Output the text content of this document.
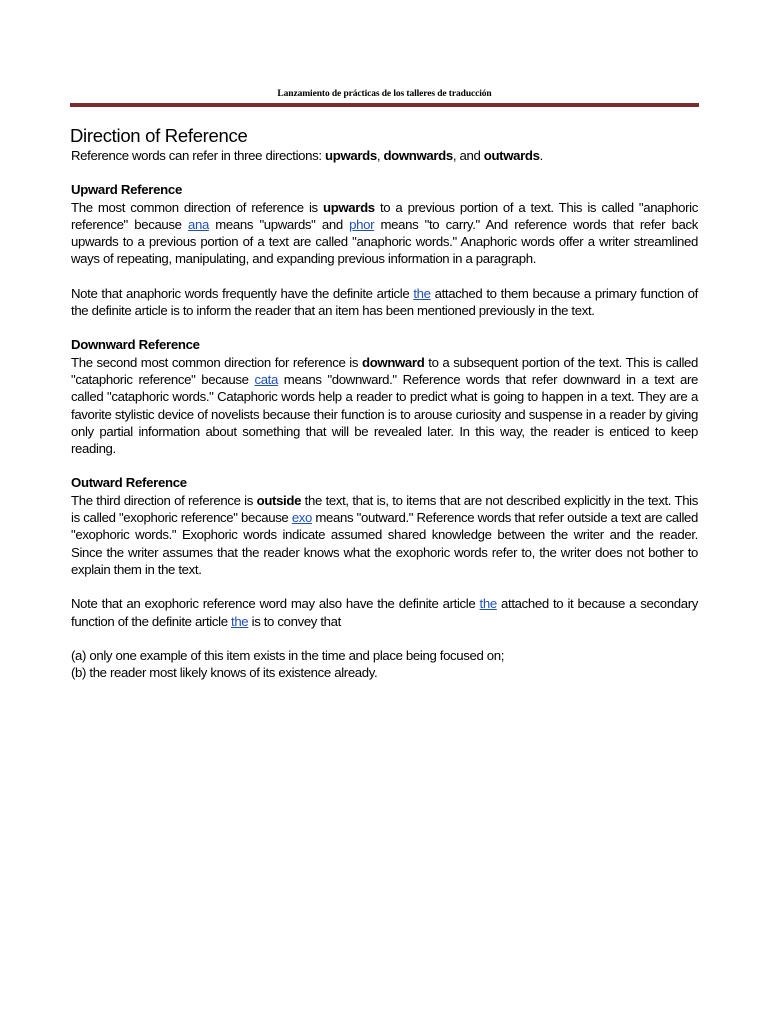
Lanzamiento de prácticas de los talleres de traducción
Direction of Reference

Reference words can refer in three directions: upwards, downwards, and outwards.

Upward Reference

The most common direction of reference is upwards to a previous portion of a text. This is called "anaphoric reference" because ana means "upwards" and phor means "to carry." And reference words that refer back upwards to a previous portion of a text are called "anaphoric words." Anaphoric words offer a writer streamlined ways of repeating, manipulating, and expanding previous information in a paragraph.

Note that anaphoric words frequently have the definite article the attached to them because a primary function of the definite article is to inform the reader that an item has been mentioned previously in the text.

Downward Reference

The second most common direction for reference is downward to a subsequent portion of the text. This is called "cataphoric reference" because cata means "downward." Reference words that refer downward in a text are called "cataphoric words." Cataphoric words help a reader to predict what is going to happen in a text. They are a favorite stylistic device of novelists because their function is to arouse curiosity and suspense in a reader by giving only partial information about something that will be revealed later. In this way, the reader is enticed to keep reading.

Outward Reference

The third direction of reference is outside the text, that is, to items that are not described explicitly in the text. This is called "exophoric reference" because exo means "outward." Reference words that refer outside a text are called "exophoric words." Exophoric words indicate assumed shared knowledge between the writer and the reader. Since the writer assumes that the reader knows what the exophoric words refer to, the writer does not bother to explain them in the text.

Note that an exophoric reference word may also have the definite article the attached to it because a secondary function of the definite article the is to convey that

(a) only one example of this item exists in the time and place being focused on;

(b) the reader most likely knows of its existence already.
